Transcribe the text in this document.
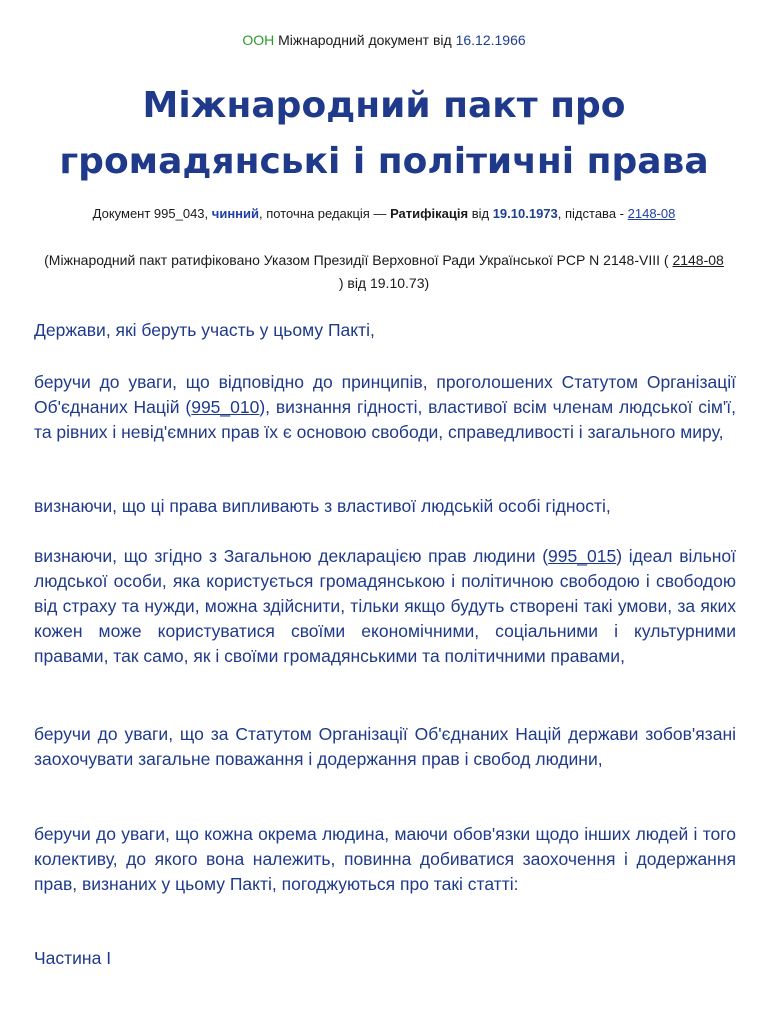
ООН Міжнародний документ від 16.12.1966
Міжнародний пакт про
громадянські і політичні права
Документ 995_043, чинний, поточна редакція — Ратифікація від 19.10.1973, підстава - 2148-08
(Міжнародний пакт ратифіковано Указом Президії Верховної Ради Української РСР N 2148-VIII ( 2148-08 ) від 19.10.73)

Держави, які беруть участь у цьому Пакті,

беручи до уваги, що відповідно до принципів, проголошених Статутом Організації Об'єднаних Націй (995_010), визнання гідності, властивої всім членам людської сім'ї, та рівних і невід'ємних прав їх є основою свободи, справедливості і загального миру,

визнаючи, що ці права випливають з властивої людській особі гідності,

визнаючи, що згідно з Загальною декларацією прав людини (995_015) ідеал вільної людської особи, яка користується громадянською і політичною свободою і свободою від страху та нужди, можна здійснити, тільки якщо будуть створені такі умови, за яких кожен може користуватися своїми економічними, соціальними і культурними правами, так само, як і своїми громадянськими та політичними правами,

беручи до уваги, що за Статутом Організації Об'єднаних Націй держави зобов'язані заохочувати загальне поважання і додержання прав і свобод людини,

беручи до уваги, що кожна окрема людина, маючи обов'язки щодо інших людей і того колективу, до якого вона належить, повинна добиватися заохочення і додержання прав, визнаних у цьому Пакті, погоджуються про такі статті:

Частина I
